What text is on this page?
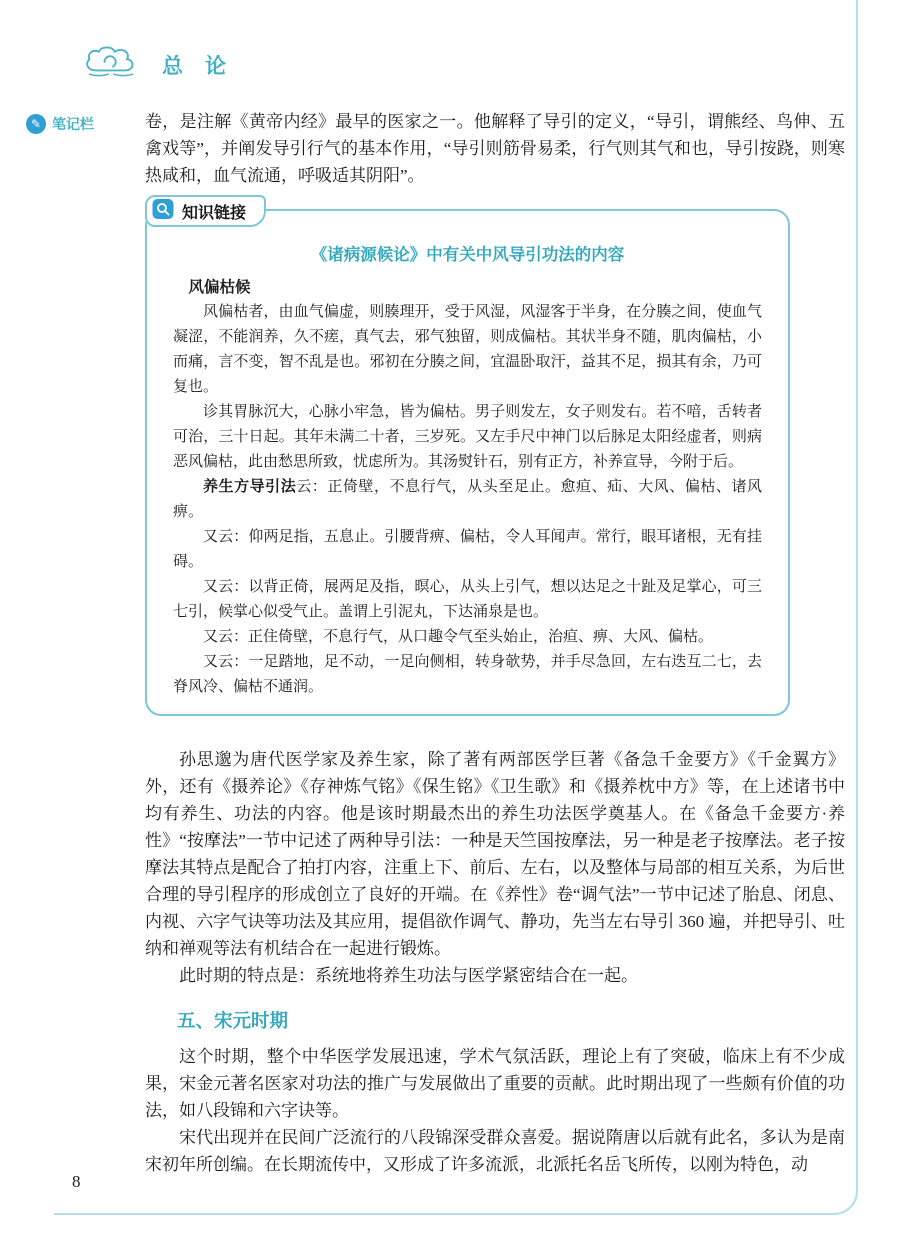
总论
✎ 笔记栏	卷，是注解《黄帝内经》最早的医家之一。他解释了导引的定义，“导引，谓熊经、鸟伸、五禽戏等”，并阐发导引行气的基本作用，“导引则筋骨易柔，行气则其气和也，导引按跷，则寒热咸和，血气流通，呼吸适其阴阳”。

知识链接
《诸病源候论》中有关中风导引功法的内容
风偏枯候

风偏枯者，由血气偏虚，则腠理开，受于风湿，风湿客于半身，在分腠之间，使血气凝涩，不能润养，久不瘥，真气去，邪气独留，则成偏枯。其状半身不随，肌肉偏枯，小而痛，言不变，智不乱是也。邪初在分腠之间，宜温卧取汗，益其不足，损其有余，乃可复也。

诊其胃脉沉大，心脉小牢急，皆为偏枯。男子则发左，女子则发右。若不喑，舌转者可治，三十日起。其年未满二十者，三岁死。又左手尺中神门以后脉足太阳经虚者，则病恶风偏枯，此由愁思所致，忧虑所为。其汤熨针石，别有正方，补养宣导，今附于后。

养生方导引法云：正倚壁，不息行气，从头至足止。愈疸、疝、大风、偏枯、诸风痹。

又云：仰两足指，五息止。引腰背痹、偏枯，令人耳闻声。常行，眼耳诸根，无有挂碍。

又云：以背正倚，展两足及指，暝心，从头上引气，想以达足之十趾及足掌心，可三七引，候掌心似受气止。盖谓上引泥丸，下达涌泉是也。

又云：正住倚壁，不息行气，从口趣令气至头始止，治疸、痹、大风、偏枯。

又云：一足踏地，足不动，一足向侧相，转身欹势，并手尽急回，左右迭互二七，去脊风冷、偏枯不通润。

孙思邈为唐代医学家及养生家，除了著有两部医学巨著《备急千金要方》《千金翼方》外，还有《摄养论》《存神炼气铭》《保生铭》《卫生歌》和《摄养枕中方》等，在上述诸书中均有养生、功法的内容。他是该时期最杰出的养生功法医学奠基人。在《备急千金要方·养性》“按摩法”一节中记述了两种导引法：一种是天竺国按摩法，另一种是老子按摩法。老子按摩法其特点是配合了拍打内容，注重上下、前后、左右，以及整体与局部的相互关系，为后世合理的导引程序的形成创立了良好的开端。在《养性》卷“调气法”一节中记述了胎息、闭息、内视、六字气诀等功法及其应用，提倡欲作调气、静功，先当左右导引 360 遍，并把导引、吐纳和禅观等法有机结合在一起进行锻炼。

此时期的特点是：系统地将养生功法与医学紧密结合在一起。

五、宋元时期

这个时期，整个中华医学发展迅速，学术气氛活跃，理论上有了突破，临床上有不少成果，宋金元著名医家对功法的推广与发展做出了重要的贡献。此时期出现了一些颇有价值的功法，如八段锦和六字诀等。

宋代出现并在民间广泛流行的八段锦深受群众喜爱。据说隋唐以后就有此名，多认为是南宋初年所创编。在长期流传中，又形成了许多流派，北派托名岳飞所传，以刚为特色，动

8
